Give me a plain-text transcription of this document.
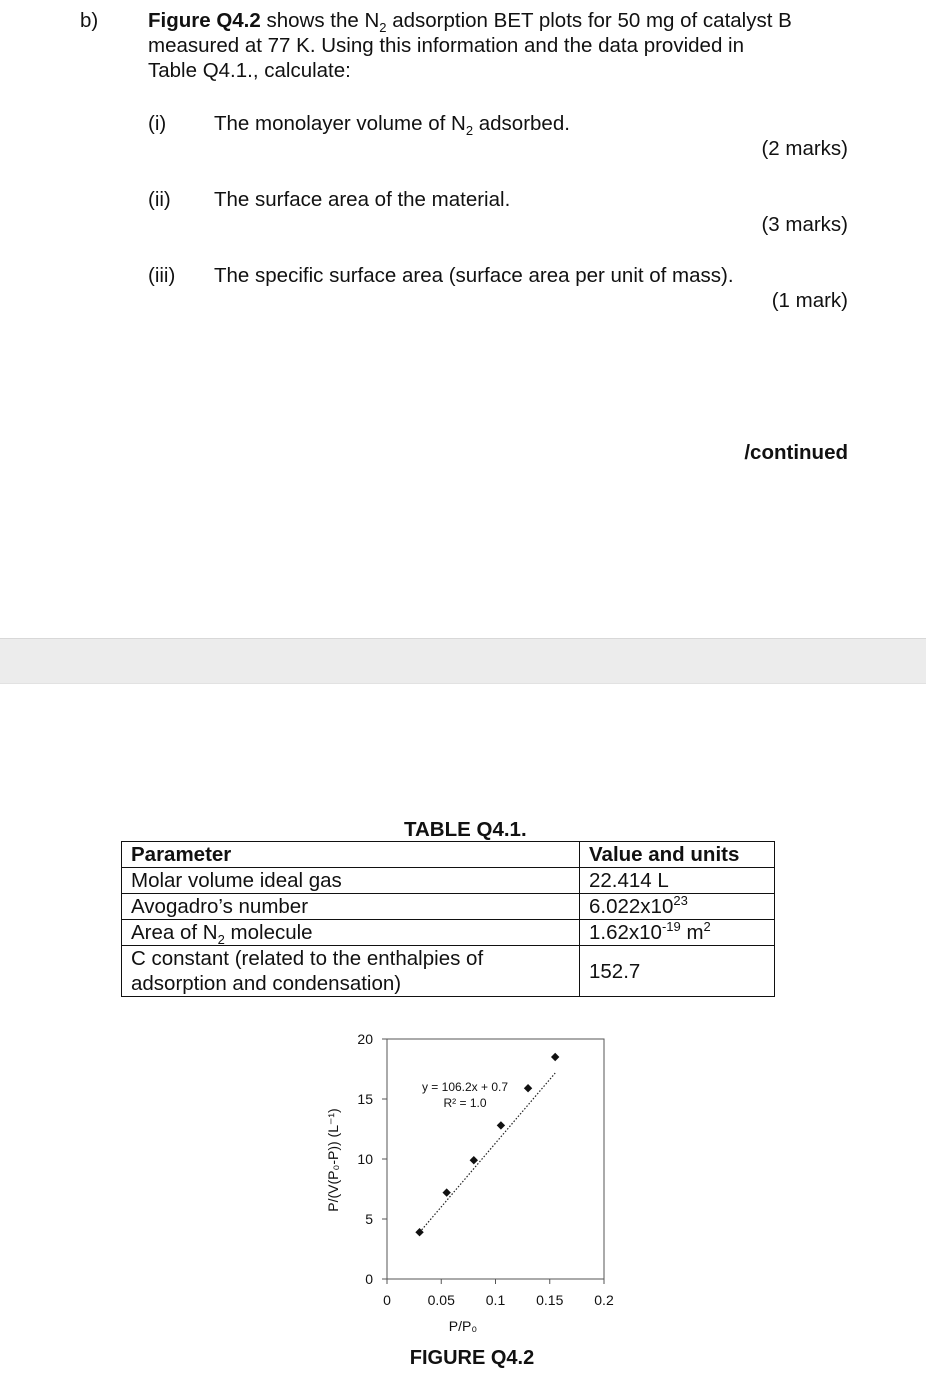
b) Figure Q4.2 shows the $N_2$ adsorption BET plots for 50 mg of catalyst B
measured at 77 K. Using this information and the data provided in
Table Q4.1., calculate:
(i) The monolayer volume of $N_2$ adsorbed.
(2 marks)
(ii) The surface area of the material.
(3 marks)
(iii) The specific surface area (surface area per unit of mass).
(1 mark)
/continued
TABLE Q4.1.
Parameter	Value and units
Molar volume ideal gas	22.414 L
Avogadro’s number	$6.022x10^{23}$
Area of $N_2$ molecule	$1.62x10^{-19}$ $m^2$

C constant (related to the enthalpies of
adsorption and condensation)	152.7
0
5
10
15
20
0	0.05 0.1 0.15 0.2
y = 106.2x + 0.7
R² = 1.0
P/P₀
P/(V(P₀-P)) (L⁻¹)
FIGURE Q4.2
